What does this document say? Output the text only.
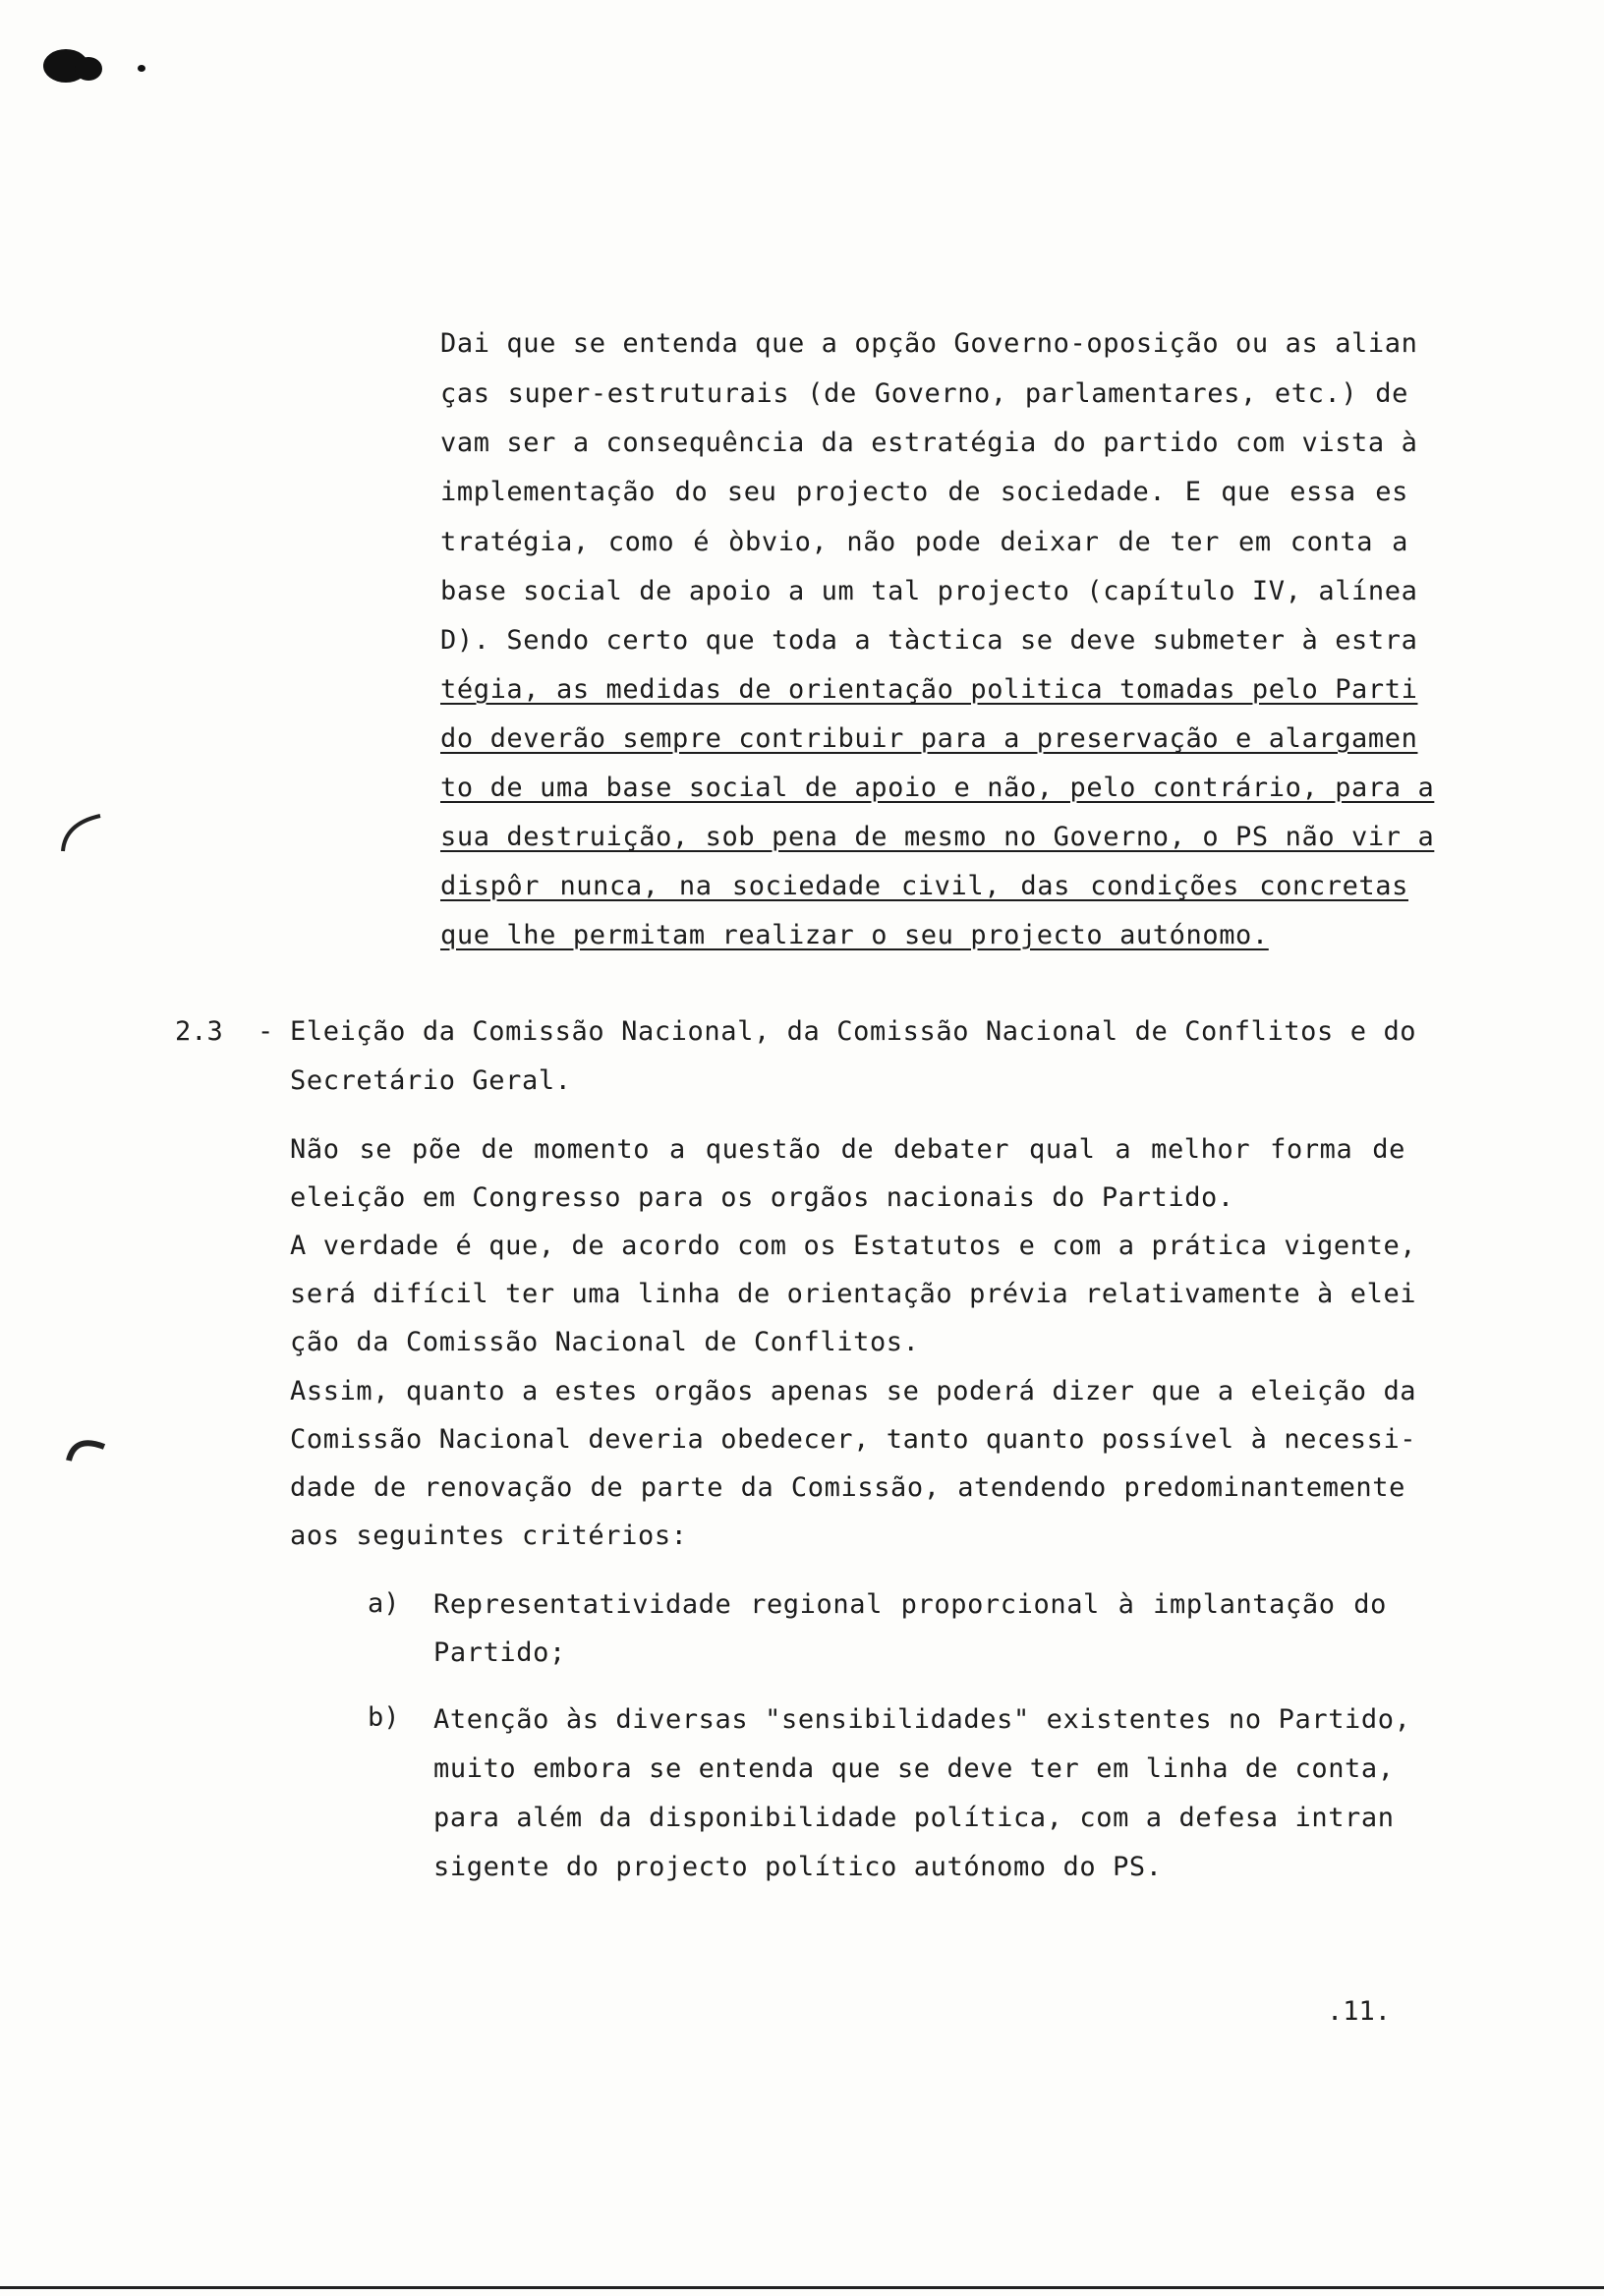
Dai que se entenda que a opção Governo-oposição ou as alian
ças super-estruturais (de Governo, parlamentares, etc.) de
vam ser a consequência da estratégia do partido com vista à
implementação do seu projecto de sociedade. E que essa es
tratégia, como é òbvio, não pode deixar de ter em conta a
base social de apoio a um tal projecto (capítulo IV, alínea
D). Sendo certo que toda a tàctica se deve submeter à estra
tégia, as medidas de orientação politica tomadas pelo Parti
do deverão sempre contribuir para a preservação e alargamen
to de uma base social de apoio e não, pelo contrário, para a
sua destruição, sob pena de mesmo no Governo, o PS não vir a
dispôr nunca, na sociedade civil, das condições concretas
que lhe permitam realizar o seu projecto autónomo.
2.3 - Eleição da Comissão Nacional, da Comissão Nacional de Conflitos e do
Secretário Geral.
Não se põe de momento a questão de debater qual a melhor forma de
eleição em Congresso para os orgãos nacionais do Partido.
A verdade é que, de acordo com os Estatutos e com a prática vigente,
será difícil ter uma linha de orientação prévia relativamente à elei
ção da Comissão Nacional de Conflitos.
Assim, quanto a estes orgãos apenas se poderá dizer que a eleição da
Comissão Nacional deveria obedecer, tanto quanto possível à necessi-
dade de renovação de parte da Comissão, atendendo predominantemente
aos seguintes critérios:
a) Representatividade regional proporcional à implantação do
Partido;
b) Atenção às diversas "sensibilidades" existentes no Partido,
muito embora se entenda que se deve ter em linha de conta,
para além da disponibilidade política, com a defesa intran
sigente do projecto político autónomo do PS.
.11.
